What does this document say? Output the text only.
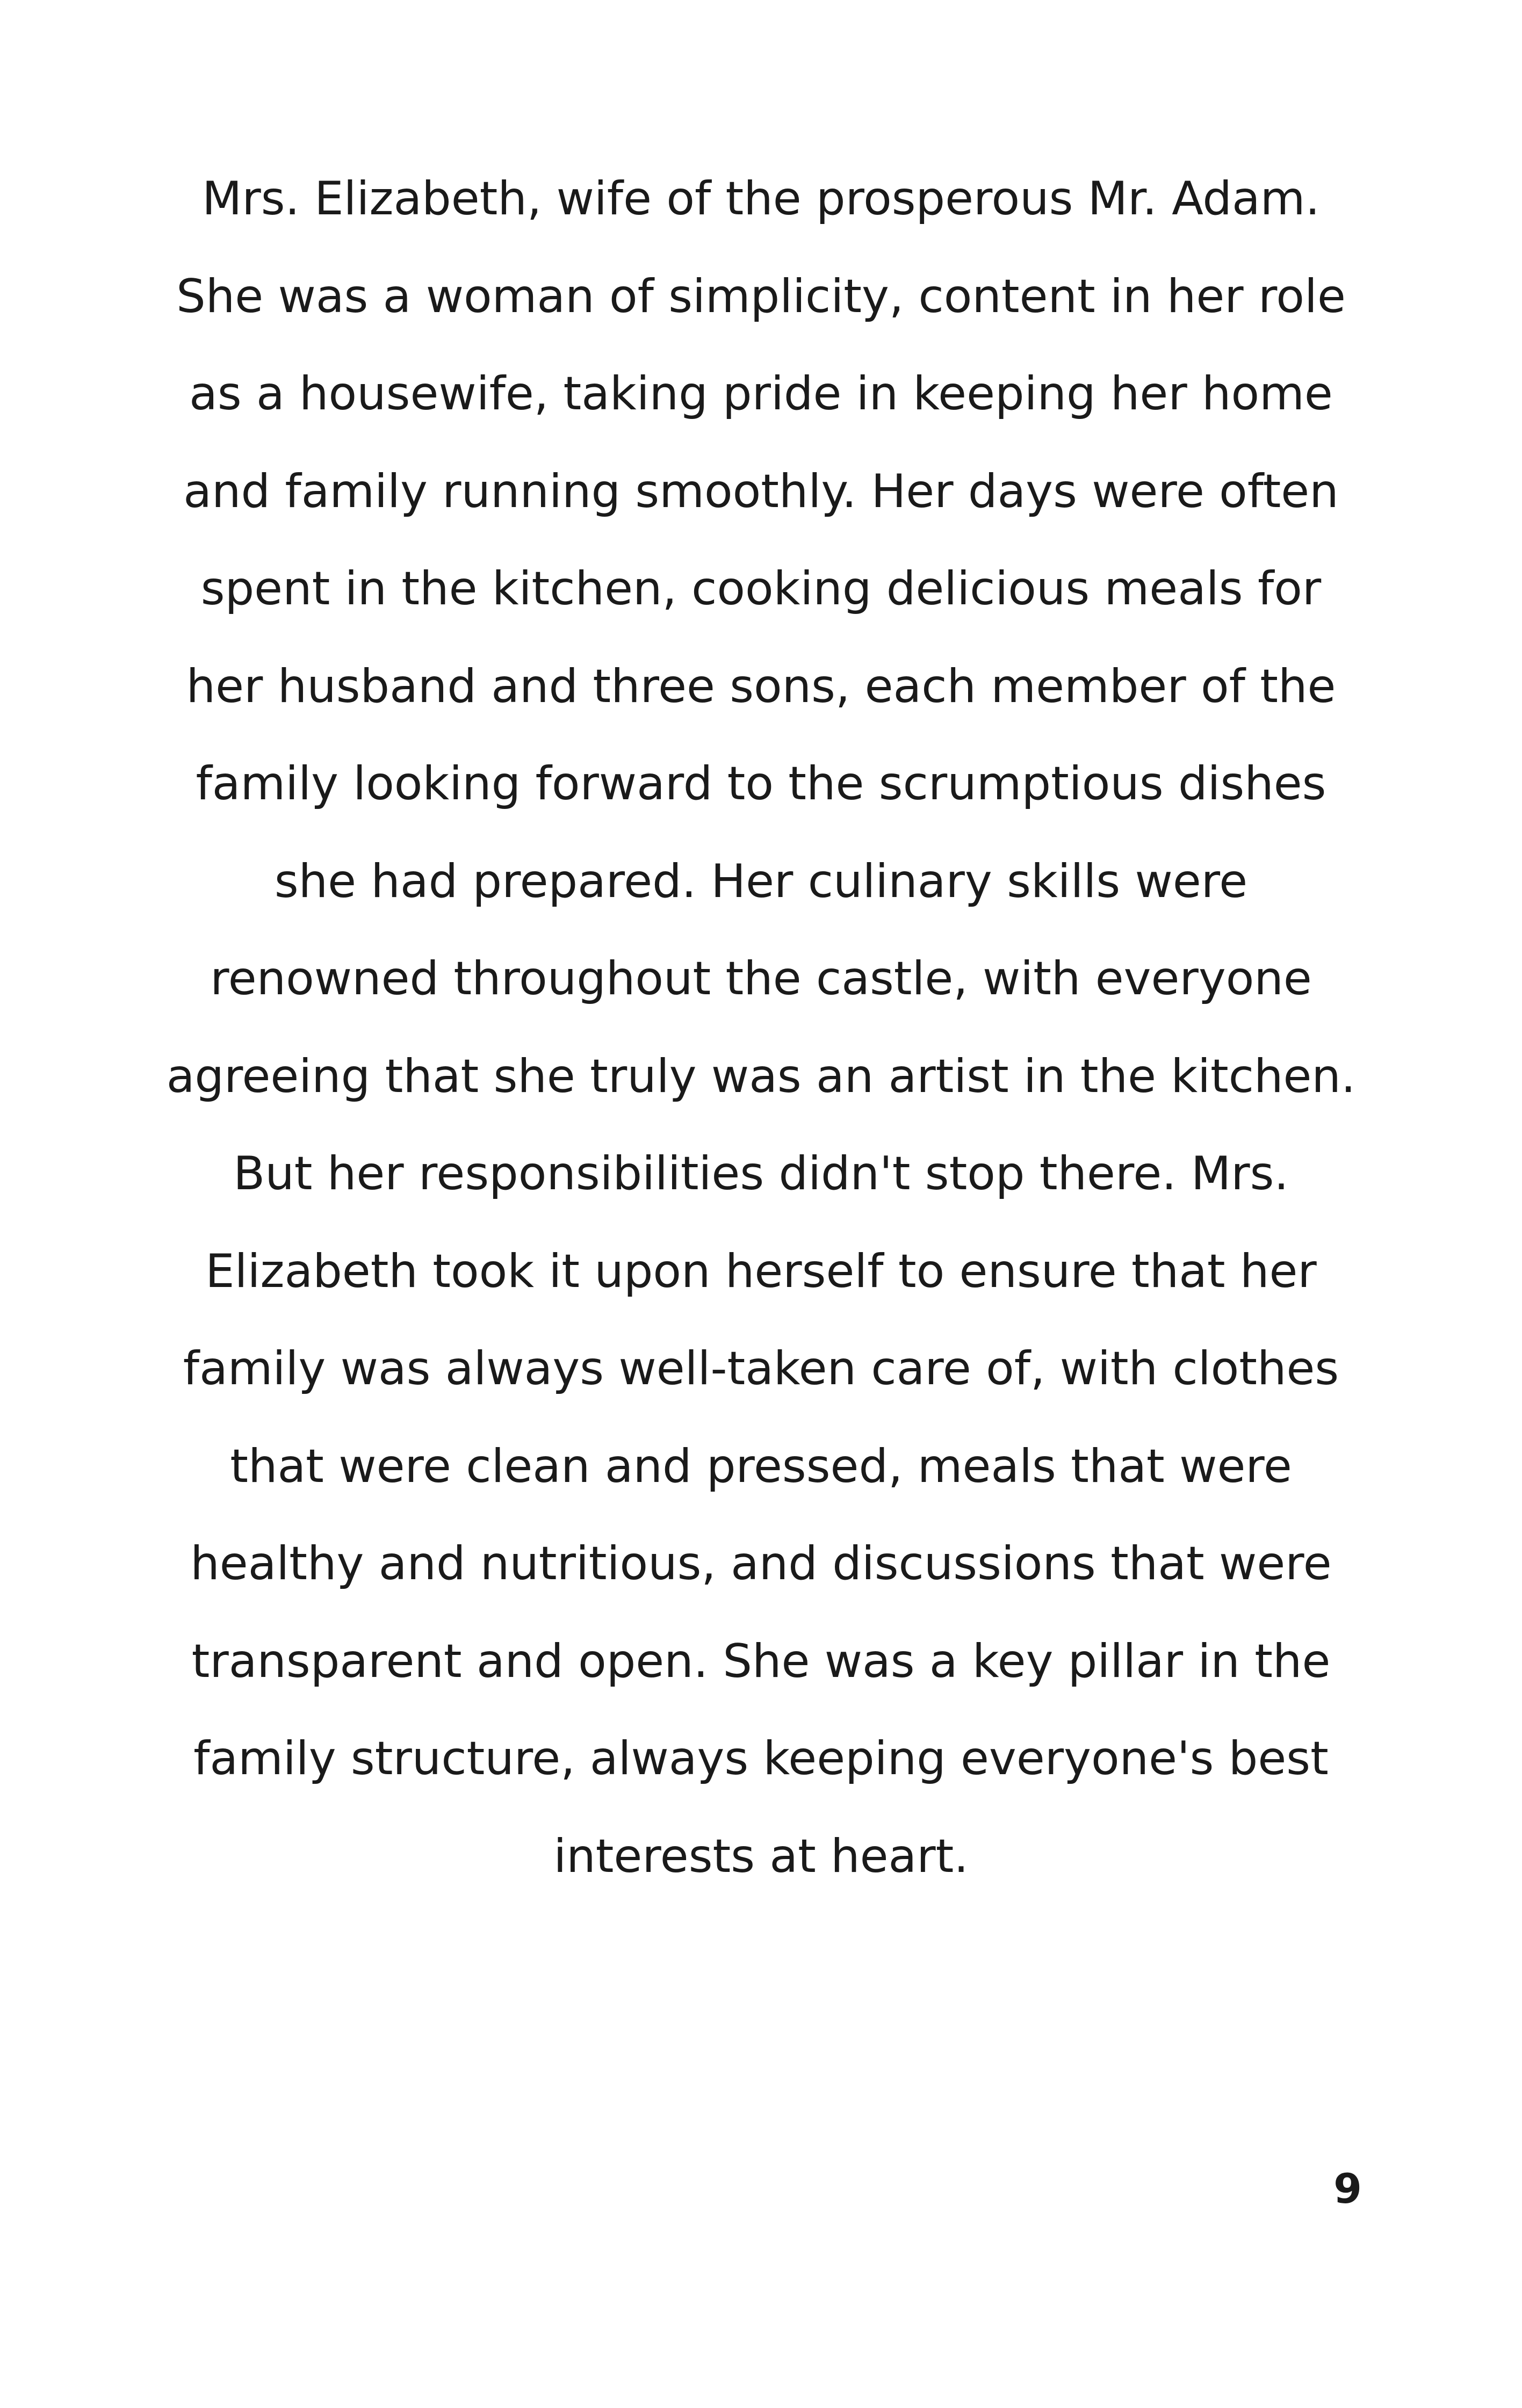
Mrs. Elizabeth, wife of the prosperous Mr. Adam.
She was a woman of simplicity, content in her role
as a housewife, taking pride in keeping her home
and family running smoothly. Her days were often
spent in the kitchen, cooking delicious meals for
her husband and three sons, each member of the
family looking forward to the scrumptious dishes
she had prepared. Her culinary skills were
renowned throughout the castle, with everyone
agreeing that she truly was an artist in the kitchen.
But her responsibilities didn't stop there. Mrs.
Elizabeth took it upon herself to ensure that her
family was always well-taken care of, with clothes
that were clean and pressed, meals that were
healthy and nutritious, and discussions that were
transparent and open. She was a key pillar in the
family structure, always keeping everyone's best
interests at heart.

9
